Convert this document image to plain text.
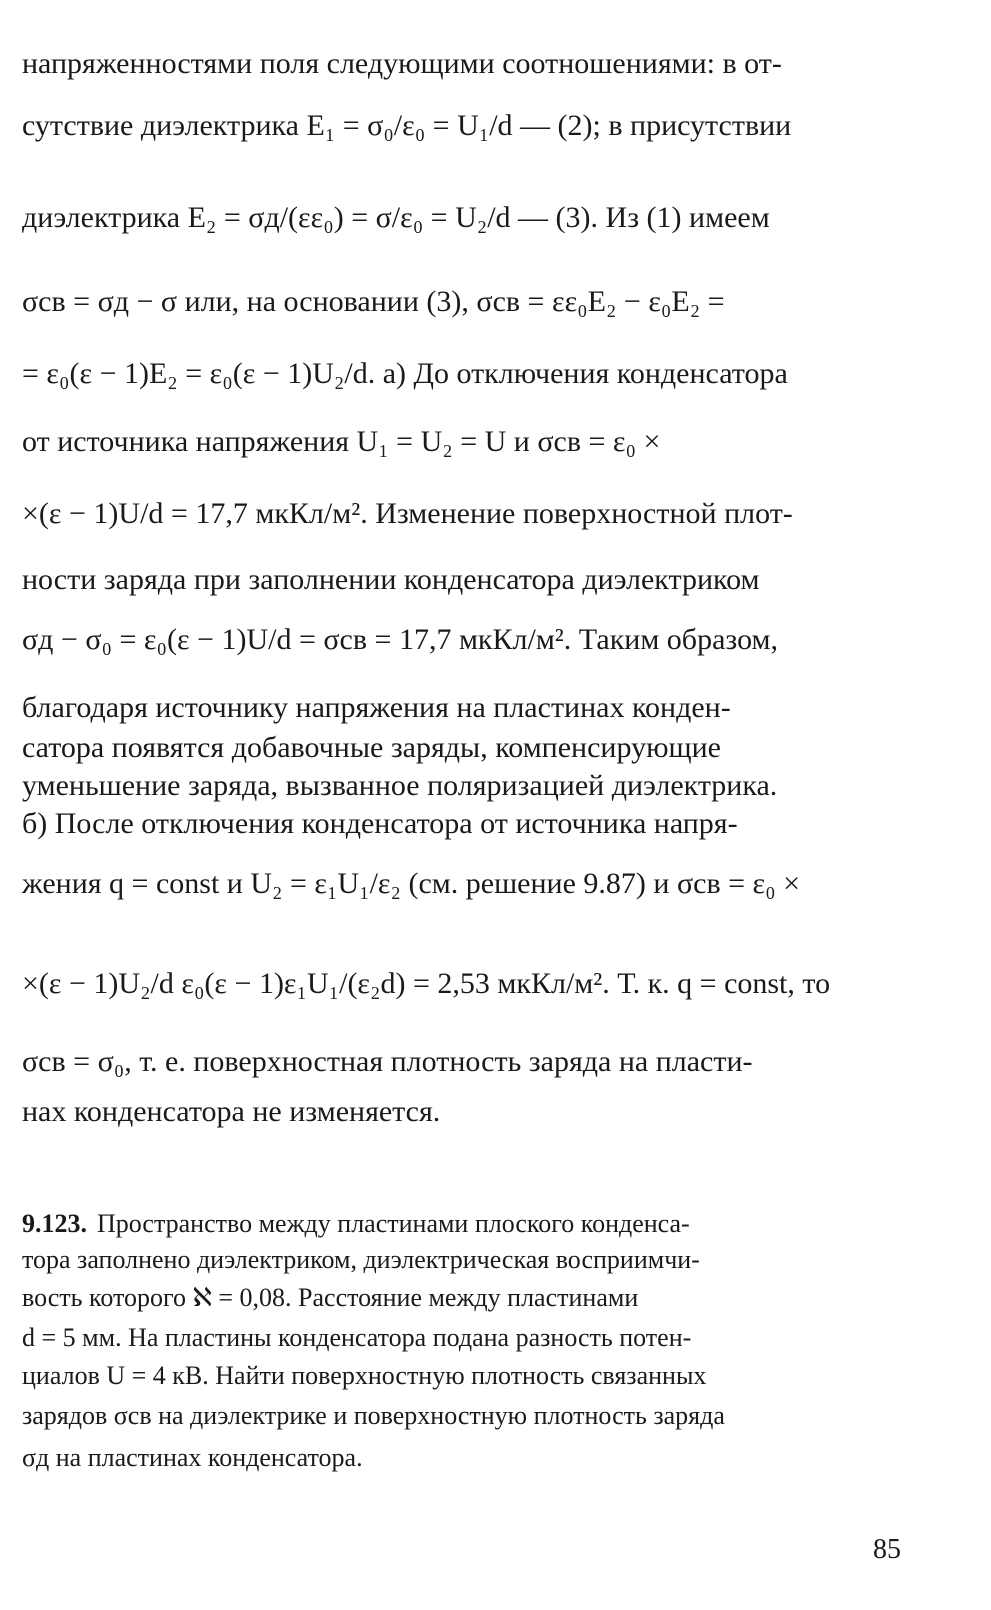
напряженностями поля следующими соотношениями: в от-
сутствие диэлектрика E₁ = σ₀/ε₀ = U₁/d — (2); в присутствии
диэлектрика E₂ = σд/(εε₀) = σ/ε₀ = U₂/d — (3). Из (1) имеем
σсв = σд − σ или, на основании (3), σсв = εε₀E₂ − ε₀E₂ =
= ε₀(ε − 1)E₂ = ε₀(ε − 1)U₂/d. а) До отключения конденсатора
от источника напряжения U₁ = U₂ = U и σсв = ε₀ ×
×(ε − 1)U/d = 17,7 мкКл/м². Изменение поверхностной плот-
ности заряда при заполнении конденсатора диэлектриком
σд − σ₀ = ε₀(ε − 1)U/d = σсв = 17,7 мкКл/м². Таким образом,
благодаря источнику напряжения на пластинах конден-
сатора появятся добавочные заряды, компенсирующие
уменьшение заряда, вызванное поляризацией диэлектрика.
б) После отключения конденсатора от источника напря-
жения q = const и U₂ = ε₁U₁/ε₂ (см. решение 9.87) и σсв = ε₀ ×
×(ε − 1)U₂/d ε₀(ε − 1)ε₁U₁/(ε₂d) = 2,53 мкКл/м². Т. к. q = const, то
σсв = σ₀, т. е. поверхностная плотность заряда на пласти-
нах конденсатора не изменяется.
9.123. Пространство между пластинами плоского конденса-
тора заполнено диэлектриком, диэлектрическая восприимчи-
вость которого ℵ = 0,08. Расстояние между пластинами
d = 5 мм. На пластины конденсатора подана разность потен-
циалов U = 4 кВ. Найти поверхностную плотность связанных
зарядов σсв на диэлектрике и поверхностную плотность заряда
σд на пластинах конденсатора.
85
